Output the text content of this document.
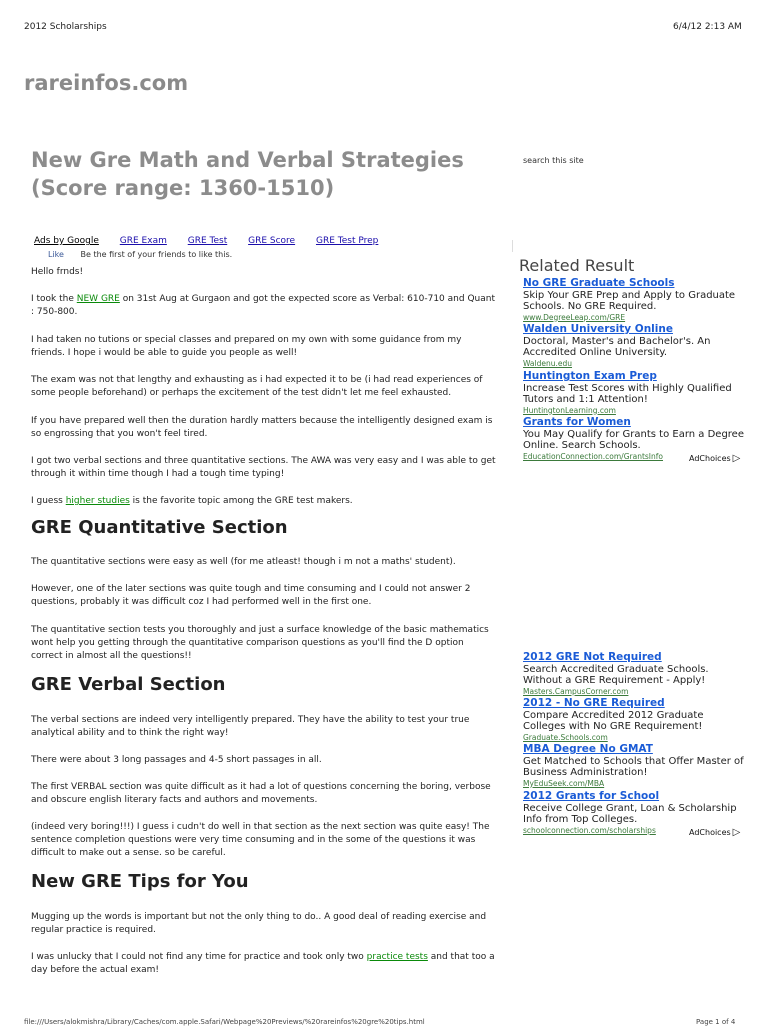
2012 Scholarships	6/4/12 2:13 AM
rareinfos.com
New Gre Math and Verbal Strategies (Score range: 1360-1510)
search this site
Ads by Google GRE Exam GRE Test GRE Score GRE Test Prep
Like Be the first of your friends to like this.

Hello frnds!

I took the NEW GRE on 31st Aug at Gurgaon and got the expected score as Verbal: 610-710 and Quant : 750-800.

I had taken no tutions or special classes and prepared on my own with some guidance from my friends. I hope i would be able to guide you people as well!

The exam was not that lengthy and exhausting as i had expected it to be (i had read experiences of some people beforehand) or perhaps the excitement of the test didn't let me feel exhausted.

If you have prepared well then the duration hardly matters because the intelligently designed exam is so engrossing that you won't feel tired.

I got two verbal sections and three quantitative sections. The AWA was very easy and I was able to get through it within time though I had a tough time typing!

I guess higher studies is the favorite topic among the GRE test makers.

GRE Quantitative Section

The quantitative sections were easy as well (for me atleast! though i m not a maths' student).

However, one of the later sections was quite tough and time consuming and I could not answer 2 questions, probably it was difficult coz I had performed well in the first one.

The quantitative section tests you thoroughly and just a surface knowledge of the basic mathematics wont help you getting through the quantitative comparison questions as you'll find the D option correct in almost all the questions!!

GRE Verbal Section

The verbal sections are indeed very intelligently prepared. They have the ability to test your true analytical ability and to think the right way!

There were about 3 long passages and 4-5 short passages in all.

The first VERBAL section was quite difficult as it had a lot of questions concerning the boring, verbose and obscure english literary facts and authors and movements.

(indeed very boring!!!) I guess i cudn't do well in that section as the next section was quite easy! The sentence completion questions were very time consuming and in the some of the questions it was difficult to make out a sense. so be careful.

New GRE Tips for You

Mugging up the words is important but not the only thing to do.. A good deal of reading exercise and regular practice is required.

I was unlucky that I could not find any time for practice and took only two practice tests and that too a day before the actual exam!

Related Result
No GRE Graduate Schools
Skip Your GRE Prep and Apply to Graduate Schools. No GRE Required.
www.DegreeLeap.com/GRE
Walden University Online
Doctoral, Master's and Bachelor's. An Accredited Online University.
Waldenu.edu
Huntington Exam Prep
Increase Test Scores with Highly Qualified Tutors and 1:1 Attention!
HuntingtonLearning.com
Grants for Women
You May Qualify for Grants to Earn a Degree Online. Search Schools.
EducationConnection.com/GrantsInfo	AdChoices ▷
2012 GRE Not Required
Search Accredited Graduate Schools. Without a GRE Requirement - Apply!
Masters.CampusCorner.com
2012 - No GRE Required
Compare Accredited 2012 Graduate Colleges with No GRE Requirement!
Graduate.Schools.com
MBA Degree No GMAT
Get Matched to Schools that Offer Master of Business Administration!
MyEduSeek.com/MBA
2012 Grants for School
Receive College Grant, Loan & Scholarship Info from Top Colleges.
schoolconnection.com/scholarships	AdChoices ▷
file:///Users/alokmishra/Library/Caches/com.apple.Safari/Webpage%20Previews/%20rareinfos%20gre%20tips.html	Page 1 of 4
